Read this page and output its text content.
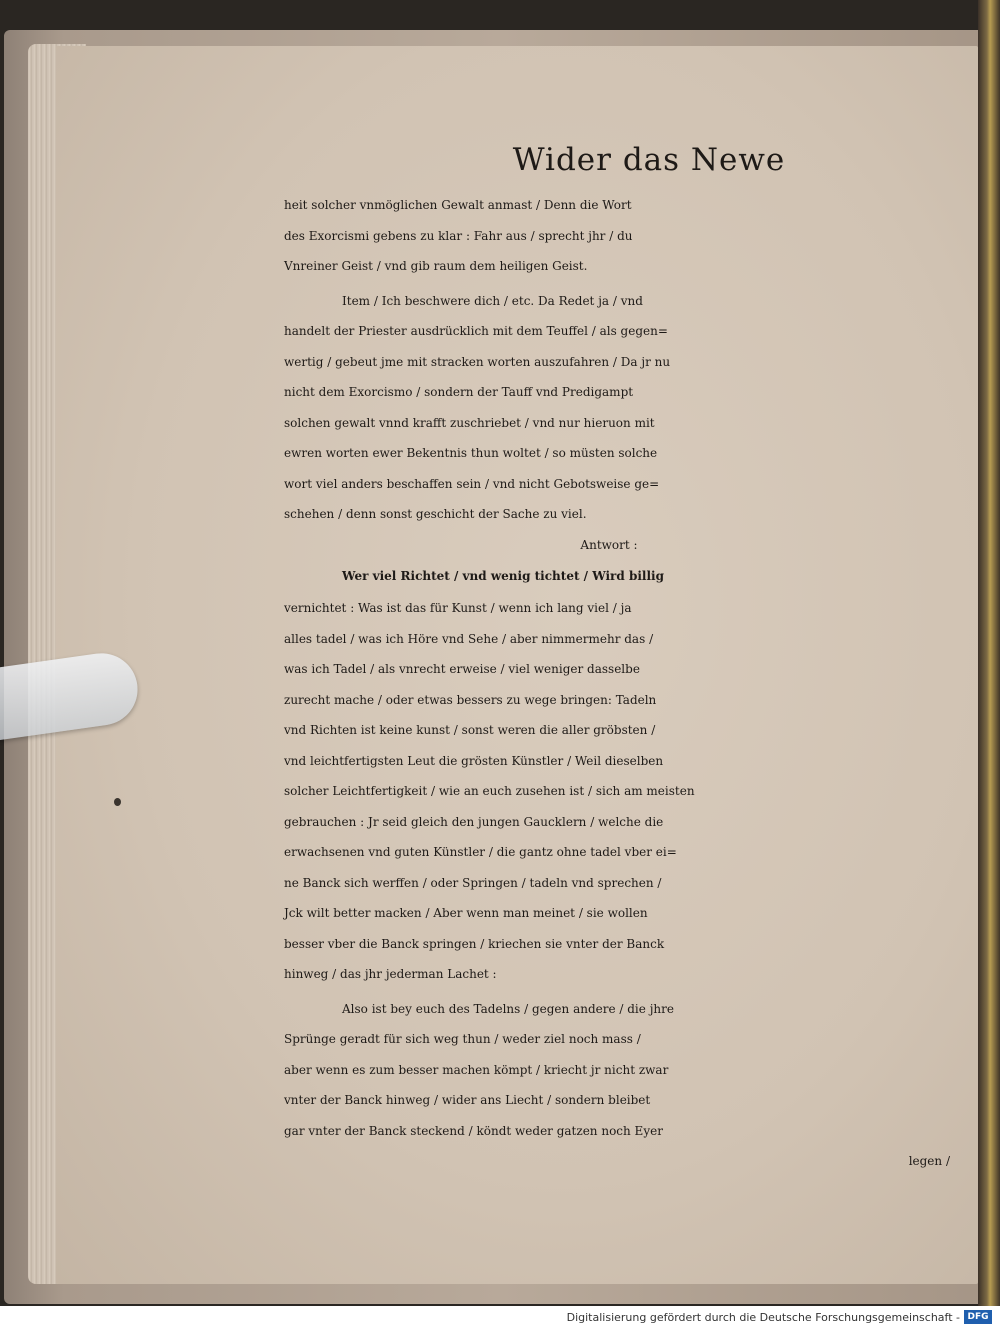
Wider das Newe
heit solcher vnmöglichen Gewalt anmast / Denn die Wort
des Exorcismi gebens zu klar : Fahr aus / sprecht jhr / du
Vnreiner Geist / vnd gib raum dem heiligen Geist.
Item / Ich beschwere dich / etc. Da Redet ja / vnd
handelt der Priester ausdrücklich mit dem Teuffel / als gegen=
wertig / gebeut jme mit stracken worten auszufahren / Da jr nu
nicht dem Exorcismo / sondern der Tauff vnd Predigampt
solchen gewalt vnnd krafft zuschriebet / vnd nur hieruon mit
ewren worten ewer Bekentnis thun woltet / so müsten solche
wort viel anders beschaffen sein / vnd nicht Gebotsweise ge=
schehen / denn sonst geschicht der Sache zu viel.
Antwort :
Wer viel Richtet / vnd wenig tichtet / Wird billig
vernichtet : Was ist das für Kunst / wenn ich lang viel / ja
alles tadel / was ich Höre vnd Sehe / aber nimmermehr das /
was ich Tadel / als vnrecht erweise / viel weniger dasselbe
zurecht mache / oder etwas bessers zu wege bringen: Tadeln
vnd Richten ist keine kunst / sonst weren die aller gröbsten /
vnd leichtfertigsten Leut die grösten Künstler / Weil dieselben
solcher Leichtfertigkeit / wie an euch zusehen ist / sich am meisten
gebrauchen : Jr seid gleich den jungen Gaucklern / welche die
erwachsenen vnd guten Künstler / die gantz ohne tadel vber ei=
ne Banck sich werffen / oder Springen / tadeln vnd sprechen /
Jck wilt better macken / Aber wenn man meinet / sie wollen
besser vber die Banck springen / kriechen sie vnter der Banck
hinweg / das jhr jederman Lachet :
Also ist bey euch des Tadelns / gegen andere / die jhre
Sprünge geradt für sich weg thun / weder ziel noch mass /
aber wenn es zum besser machen kömpt / kriecht jr nicht zwar
vnter der Banck hinweg / wider ans Liecht / sondern bleibet
gar vnter der Banck steckend / köndt weder gatzen noch Eyer
legen /
Digitalisierung gefördert durch die Deutsche Forschungsgemeinschaft - DFG
